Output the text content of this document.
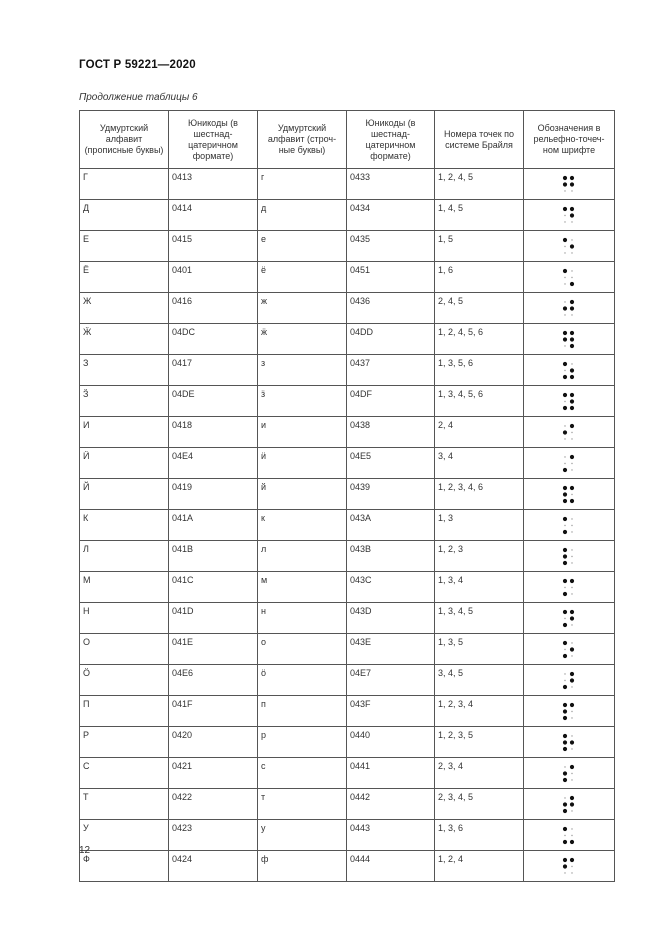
ГОСТ Р 59221—2020
Продолжение таблицы 6
Удмуртский алфавит (прописные буквы)	Юникоды (в шестнад-цатеричном формате)	Удмуртский алфавит (строч-ные буквы)	Юникоды (в шестнад-цатеричном формате)	Номера точек по системе Брайля	Обозначения в рельефно-точеч-ном шрифте
Г	0413	г	0433	1, 2, 4, 5	
Д	0414	д	0434	1, 4, 5	
Е	0415	е	0435	1, 5	
Ё	0401	ё	0451	1, 6	
Ж	0416	ж	0436	2, 4, 5	
Ӝ	04DC	ӝ	04DD	1, 2, 4, 5, 6	
З	0417	з	0437	1, 3, 5, 6	
Ӟ	04DE	ӟ	04DF	1, 3, 4, 5, 6	
И	0418	и	0438	2, 4	
Ӥ	04E4	ӥ	04E5	3, 4	
Й	0419	й	0439	1, 2, 3, 4, 6	
К	041А	к	043А	1, 3	
Л	041В	л	043В	1, 2, 3	
М	041С	м	043С	1, 3, 4	
Н	041D	н	043D	1, 3, 4, 5	
О	041Е	о	043Е	1, 3, 5	
Ӧ	04Е6	ӧ	04Е7	3, 4, 5	
П	041F	п	043F	1, 2, 3, 4	
Р	0420	р	0440	1, 2, 3, 5	
С	0421	с	0441	2, 3, 4	
Т	0422	т	0442	2, 3, 4, 5	
У	0423	у	0443	1, 3, 6	
Ф	0424	ф	0444	1, 2, 4	
12
